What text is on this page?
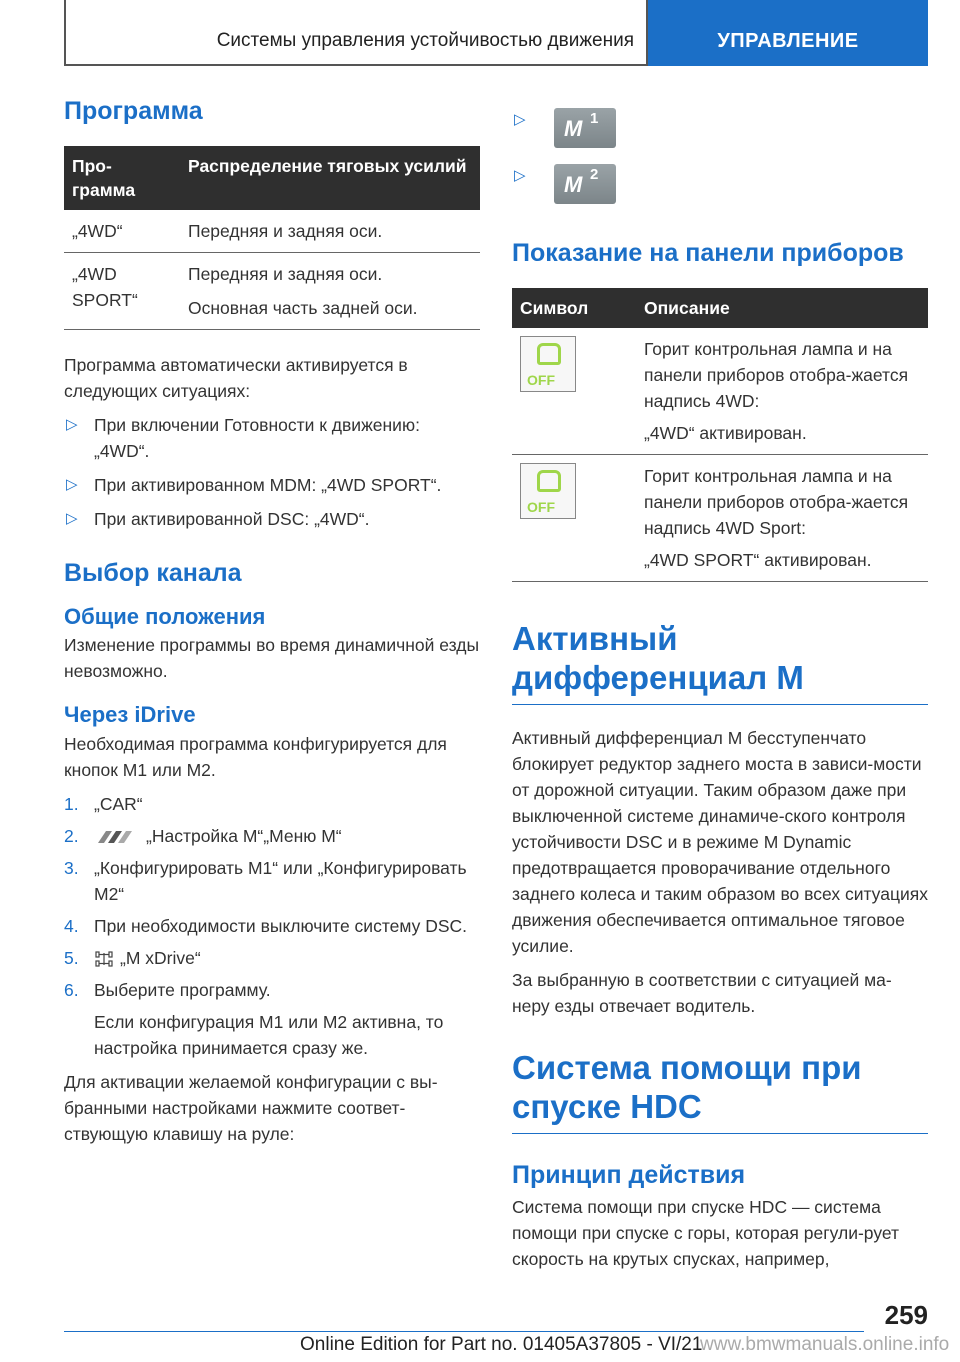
Системы управления устойчивостью движения	УПРАВЛЕНИЕ
Программа
Про-
грамма	Распределение тяговых усилий
„4WD“	Передняя и задняя оси.
„4WD SPORT“	Передняя и задняя оси.
Основная часть задней оси.

Программа автоматически активируется в следующих ситуациях:

▷ При включении Готовности к движению: „4WD“.
▷ При активированном MDM: „4WD SPORT“.
▷ При активированной DSC: „4WD“.
Выбор канала
Общие положения

Изменение программы во время динамичной езды невозможно.

Через iDrive

Необходимая программа конфигурируется для кнопок M1 или M2.

1. „CAR“
2.	„Настройка M“„Меню M“
3. „Конфигурировать M1“ или „Конфигурировать M2“
4. При необходимости выключите систему DSC.
5. „M xDrive“
6. Выберите программу.
Если конфигурация M1 или M2 активна, то настройка принимается сразу же.

Для активации желаемой конфигурации с вы-бранными настройками нажмите соответ-ствующую клавишу на руле:

▷ M 1
▷ M 2
Показание на панели приборов
Символ	Описание

OFF	Горит контрольная лампа и на панели приборов отобра-жается надпись 4WD:
„4WD“ активирован.

OFF	Горит контрольная лампа и на панели приборов отобра-жается надпись 4WD Sport:
„4WD SPORT“ активирован.
Активный дифференциал M

Активный дифференциал M бесступенчато блокирует редуктор заднего моста в зависи-мости от дорожной ситуации. Таким образом даже при выключенной системе динамиче-ского контроля устойчивости DSC и в режиме M Dynamic предотвращается проворачивание отдельного заднего колеса и таким образом во всех ситуациях движения обеспечивается оптимальное тяговое усилие.

За выбранную в соответствии с ситуацией ма-неру езды отвечает водитель.

Система помощи при спуске HDC
Принцип действия

Система помощи при спуске HDC — система помощи при спуске с горы, которая регули-рует скорость на крутых спусках, например,

259
Online Edition for Part no. 01405A37805 - VI/21
www.bmwmanuals.online.info
